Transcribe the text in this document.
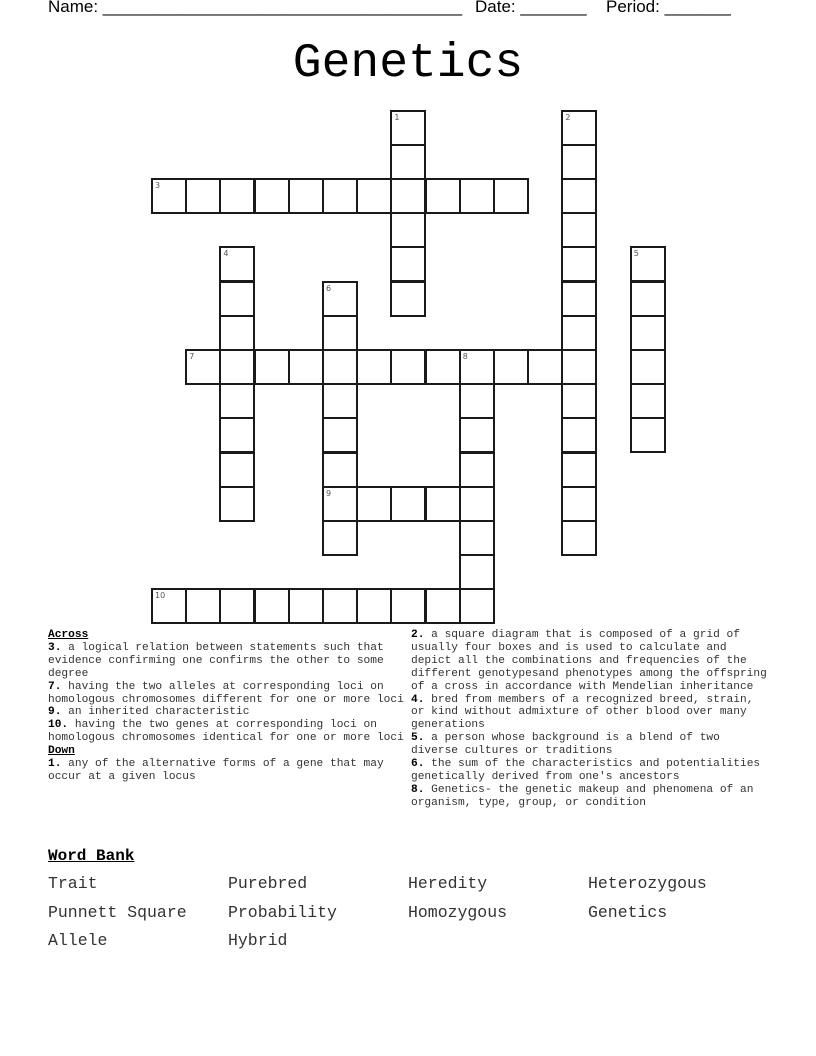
Name: ______________________________________

Date: _______

Period: _______

Genetics
1	2
3
4	5
6
9
7	8
10
Across
3. a logical relation between statements such that evidence confirming one confirms the other to some degree
7. having the two alleles at corresponding loci on homologous chromosomes different for one or more loci
9. an inherited characteristic
10. having the two genes at corresponding loci on homologous chromosomes identical for one or more loci
Down
1. any of the alternative forms of a gene that may occur at a given locus
2. a square diagram that is composed of a grid of usually four boxes and is used to calculate and depict all the combinations and frequencies of the different genotypesand phenotypes among the offspring of a cross in accordance with Mendelian inheritance
4. bred from members of a recognized breed, strain, or kind without admixture of other blood over many generations
5. a person whose background is a blend of two diverse cultures or traditions
6. the sum of the characteristics and potentialities genetically derived from one's ancestors
8. Genetics- the genetic makeup and phenomena of an organism, type, group, or condition
Word Bank
Trait	Purebred	Heredity	Heterozygous
Punnett Square	Probability	Homozygous	Genetics
Allele	Hybrid
